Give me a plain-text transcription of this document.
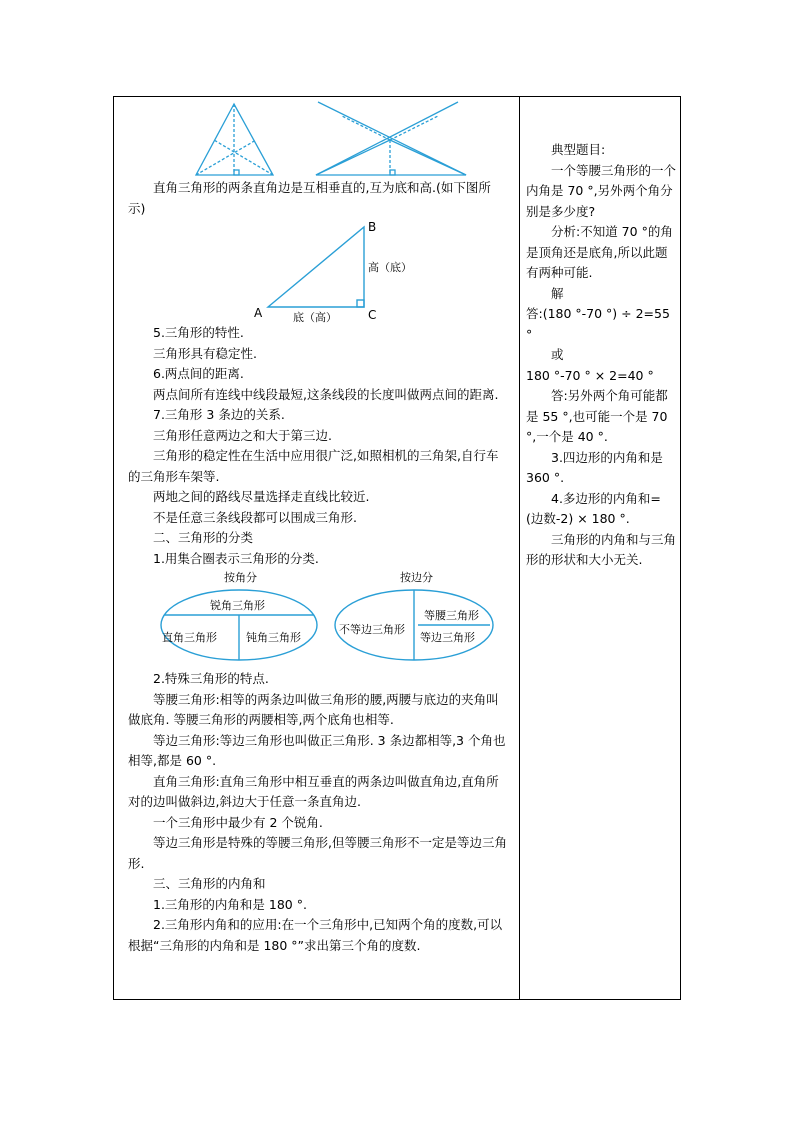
直角三角形的两条直角边是互相垂直的,互为底和高.(如下图所示)

B
A	C
高（底）
底（高）

5.三角形的特性.

三角形具有稳定性.

6.两点间的距离.

两点间所有连线中线段最短,这条线段的长度叫做两点间的距离.

7.三角形 3 条边的关系.

三角形任意两边之和大于第三边.

三角形的稳定性在生活中应用很广泛,如照相机的三角架,自行车的三角形车架等.

两地之间的路线尽量选择走直线比较近.

不是任意三条线段都可以围成三角形.

二、三角形的分类

1.用集合圈表示三角形的分类.

按角分	按边分
锐角三角形
直角三角形	钝角三角形
不等边三角形
等腰三角形
等边三角形

2.特殊三角形的特点.

等腰三角形:相等的两条边叫做三角形的腰,两腰与底边的夹角叫做底角. 等腰三角形的两腰相等,两个底角也相等.

等边三角形:等边三角形也叫做正三角形. 3 条边都相等,3 个角也相等,都是 60 °.

直角三角形:直角三角形中相互垂直的两条边叫做直角边,直角所对的边叫做斜边,斜边大于任意一条直角边.

一个三角形中最少有 2 个锐角.

等边三角形是特殊的等腰三角形,但等腰三角形不一定是等边三角形.

三、三角形的内角和

1.三角形的内角和是 180 °.

2.三角形内角和的应用:在一个三角形中,已知两个角的度数,可以根据“三角形的内角和是 180 °”求出第三个角的度数.

典型题目:

一个等腰三角形的一个内角是 70 °,另外两个角分别是多少度?

分析:不知道 70 °的角是顶角还是底角,所以此题有两种可能.

解

答:(180 °-70 °) ÷ 2=55 °

或

180 °-70 ° × 2=40 °

答:另外两个角可能都是 55 °,也可能一个是 70 °,一个是 40 °.

3.四边形的内角和是 360 °.

4.多边形的内角和=(边数-2) × 180 °.

三角形的内角和与三角形的形状和大小无关.
